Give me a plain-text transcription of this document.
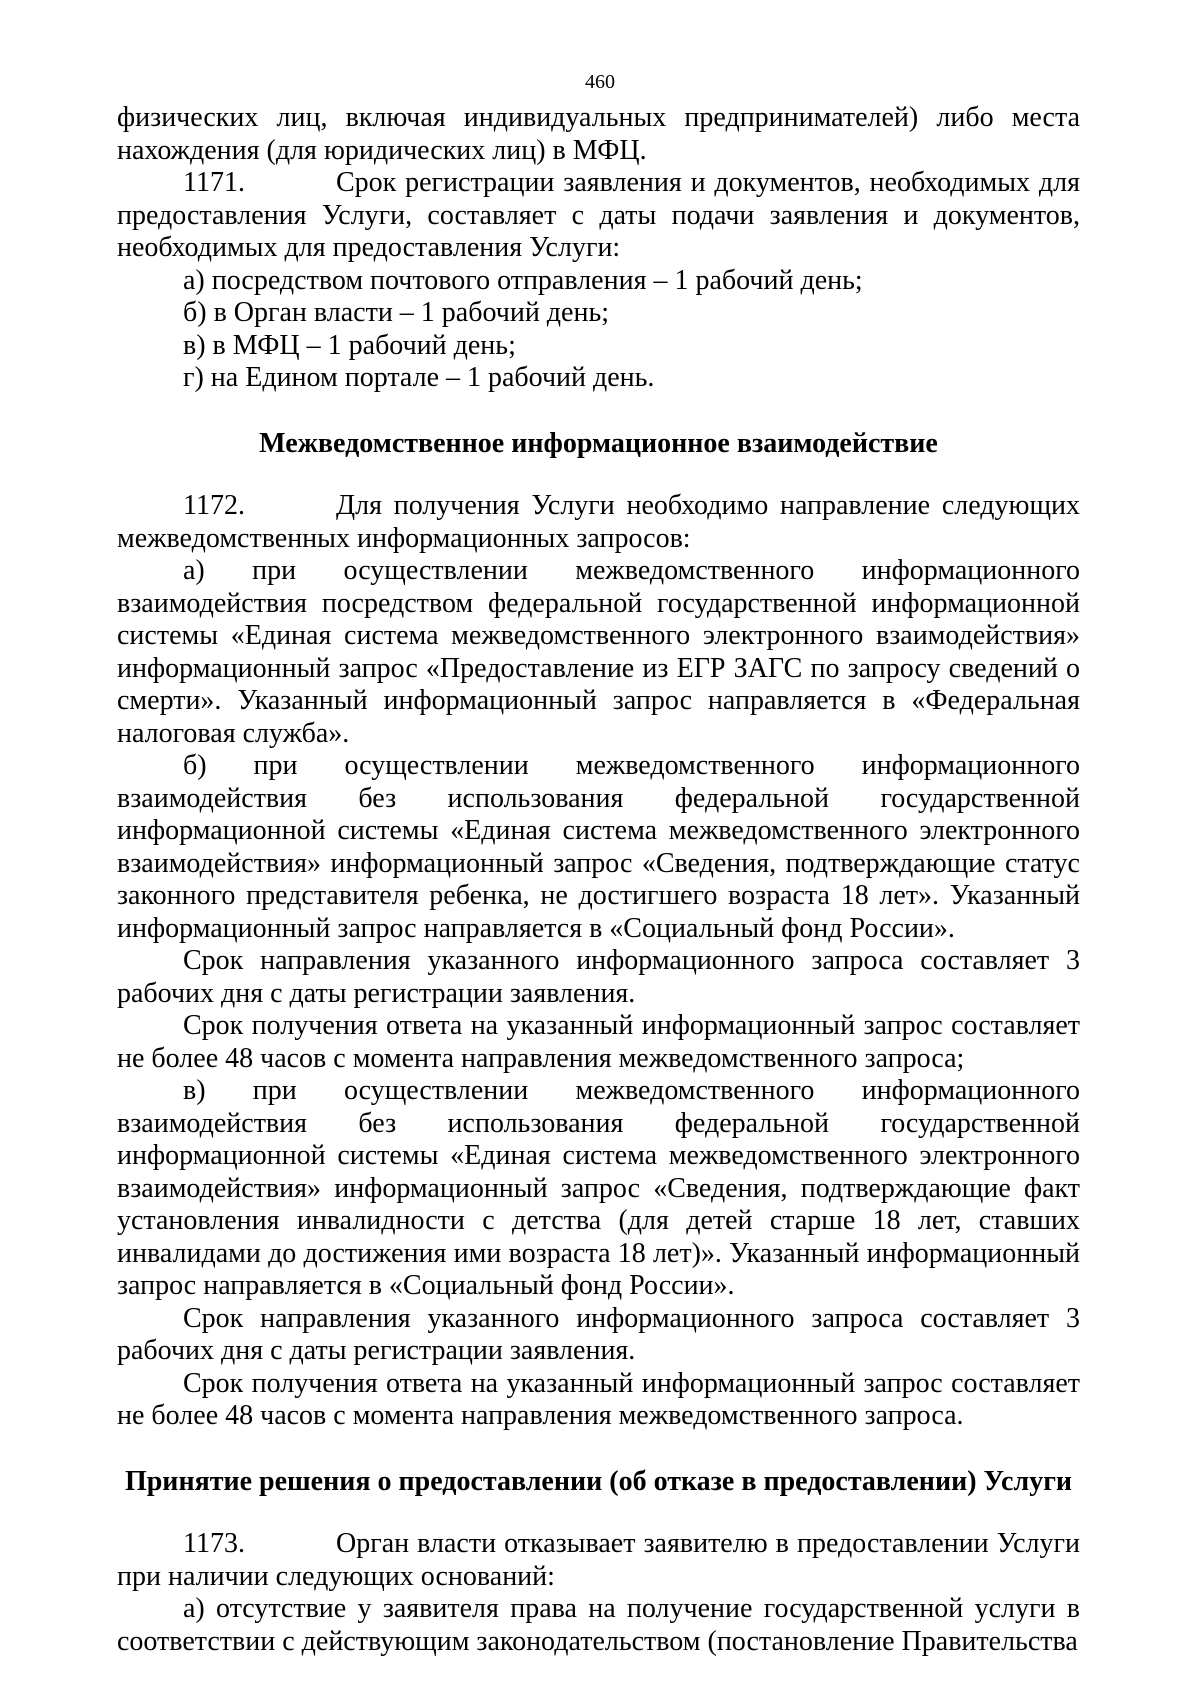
460

физических лиц, включая индивидуальных предпринимателей) либо места нахождения (для юридических лиц) в МФЦ.

1171.	Срок регистрации заявления и документов, необходимых для предоставления Услуги, составляет с даты подачи заявления и документов, необходимых для предоставления Услуги:

а) посредством почтового отправления – 1 рабочий день;

б) в Орган власти – 1 рабочий день;

в) в МФЦ – 1 рабочий день;

г) на Едином портале – 1 рабочий день.

Межведомственное информационное взаимодействие

1172.	Для получения Услуги необходимо направление следующих межведомственных информационных запросов:

а) при осуществлении межведомственного информационного взаимодействия посредством федеральной государственной информационной системы «Единая система межведомственного электронного взаимодействия» информационный запрос «Предоставление из ЕГР ЗАГС по запросу сведений о смерти». Указанный информационный запрос направляется в «Федеральная налоговая служба».

б) при осуществлении межведомственного информационного взаимодействия без использования федеральной государственной информационной системы «Единая система межведомственного электронного взаимодействия» информационный запрос «Сведения, подтверждающие статус законного представителя ребенка, не достигшего возраста 18 лет». Указанный информационный запрос направляется в «Социальный фонд России».

Срок направления указанного информационного запроса составляет 3 рабочих дня с даты регистрации заявления.

Срок получения ответа на указанный информационный запрос составляет не более 48 часов с момента направления межведомственного запроса;

в) при осуществлении межведомственного информационного взаимодействия без использования федеральной государственной информационной системы «Единая система межведомственного электронного взаимодействия» информационный запрос «Сведения, подтверждающие факт установления инвалидности с детства (для детей старше 18 лет, ставших инвалидами до достижения ими возраста 18 лет)». Указанный информационный запрос направляется в «Социальный фонд России».

Срок направления указанного информационного запроса составляет 3 рабочих дня с даты регистрации заявления.

Срок получения ответа на указанный информационный запрос составляет не более 48 часов с момента направления межведомственного запроса.

Принятие решения о предоставлении (об отказе в предоставлении) Услуги

1173.	Орган власти отказывает заявителю в предоставлении Услуги при наличии следующих оснований:

а) отсутствие у заявителя права на получение государственной услуги в соответствии с действующим законодательством (постановление Правительства
